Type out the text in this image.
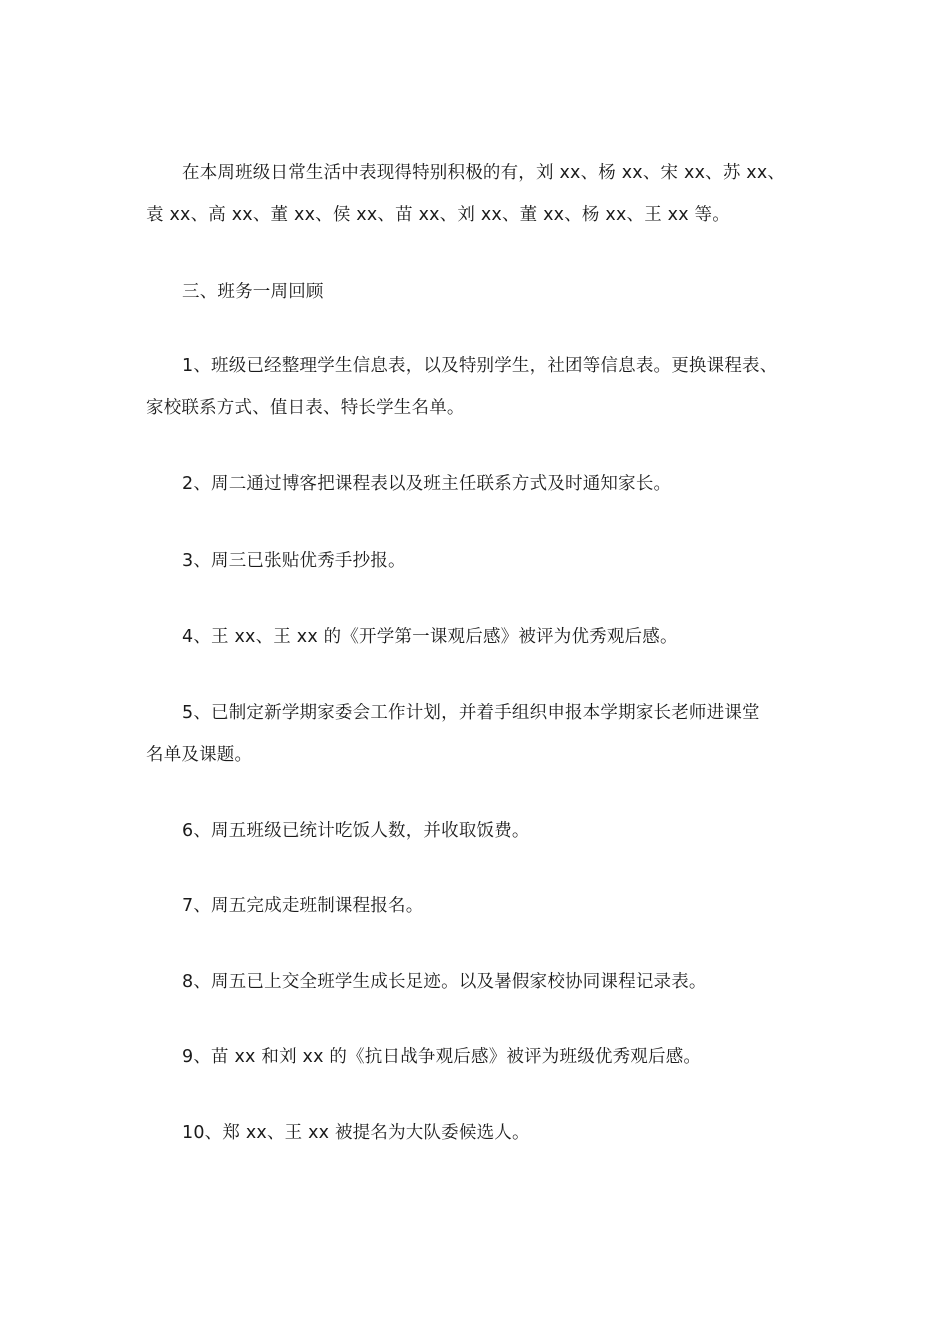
在本周班级日常生活中表现得特别积极的有，刘 xx、杨 xx、宋 xx、苏 xx、
袁 xx、高 xx、董 xx、侯 xx、苗 xx、刘 xx、董 xx、杨 xx、王 xx 等。
三、班务一周回顾
1、班级已经整理学生信息表，以及特别学生，社团等信息表。更换课程表、
家校联系方式、值日表、特长学生名单。
2、周二通过博客把课程表以及班主任联系方式及时通知家长。
3、周三已张贴优秀手抄报。
4、王 xx、王 xx 的《开学第一课观后感》被评为优秀观后感。
5、已制定新学期家委会工作计划，并着手组织申报本学期家长老师进课堂
名单及课题。
6、周五班级已统计吃饭人数，并收取饭费。
7、周五完成走班制课程报名。
8、周五已上交全班学生成长足迹。以及暑假家校协同课程记录表。
9、苗 xx 和刘 xx 的《抗日战争观后感》被评为班级优秀观后感。
10、郑 xx、王 xx 被提名为大队委候选人。
